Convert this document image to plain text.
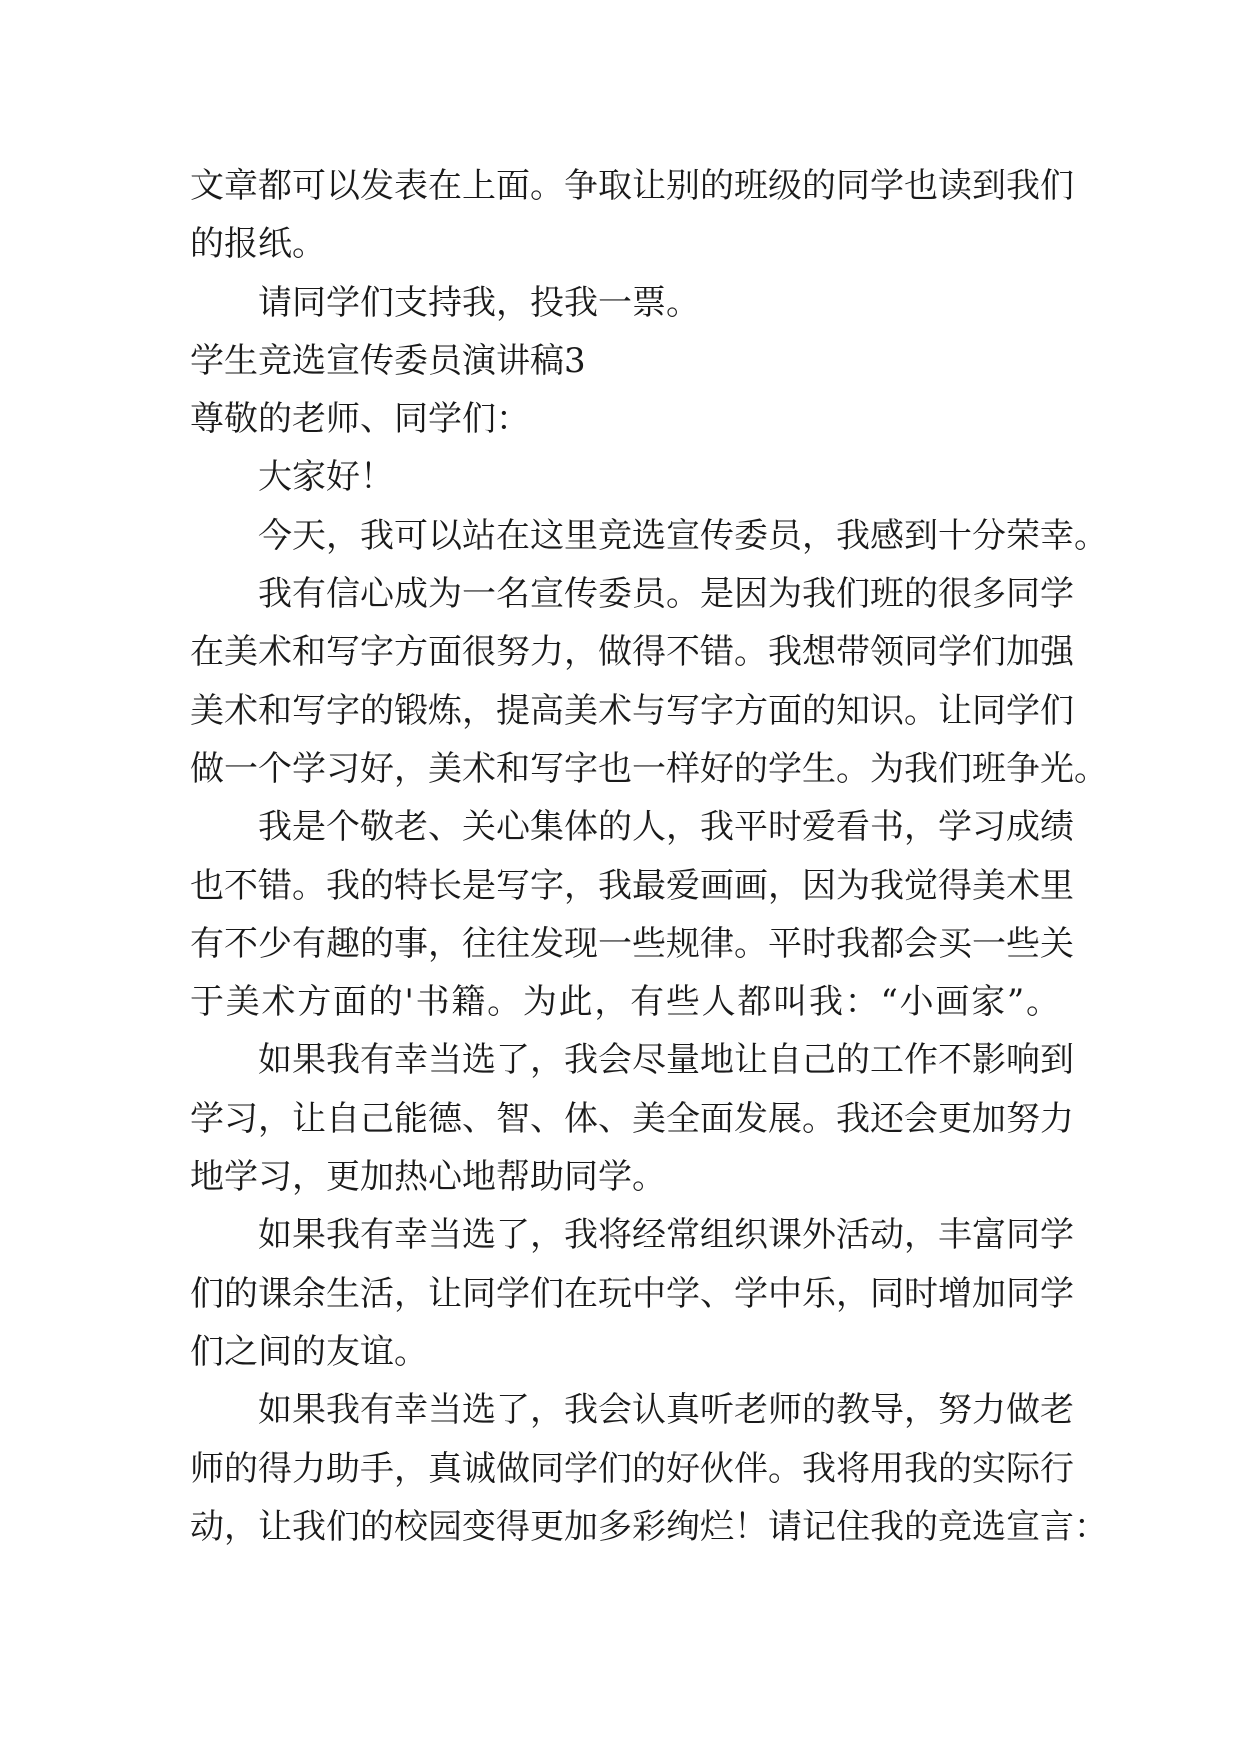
文章都可以发表在上面。争取让别的班级的同学也读到我们
的报纸。
请同学们支持我，投我一票。
学生竞选宣传委员演讲稿3
尊敬的老师、同学们：
大家好！
今天，我可以站在这里竞选宣传委员，我感到十分荣幸。
我有信心成为一名宣传委员。是因为我们班的很多同学
在美术和写字方面很努力，做得不错。我想带领同学们加强
美术和写字的锻炼，提高美术与写字方面的知识。让同学们
做一个学习好，美术和写字也一样好的学生。为我们班争光。
我是个敬老、关心集体的人，我平时爱看书，学习成绩
也不错。我的特长是写字，我最爱画画，因为我觉得美术里
有不少有趣的事，往往发现一些规律。平时我都会买一些关
于美术方面的'书籍。为此，有些人都叫我：“小画家”。
如果我有幸当选了，我会尽量地让自己的工作不影响到
学习，让自己能德、智、体、美全面发展。我还会更加努力
地学习，更加热心地帮助同学。
如果我有幸当选了，我将经常组织课外活动，丰富同学
们的课余生活，让同学们在玩中学、学中乐，同时增加同学
们之间的友谊。
如果我有幸当选了，我会认真听老师的教导，努力做老
师的得力助手，真诚做同学们的好伙伴。我将用我的实际行
动，让我们的校园变得更加多彩绚烂！请记住我的竞选宣言：
